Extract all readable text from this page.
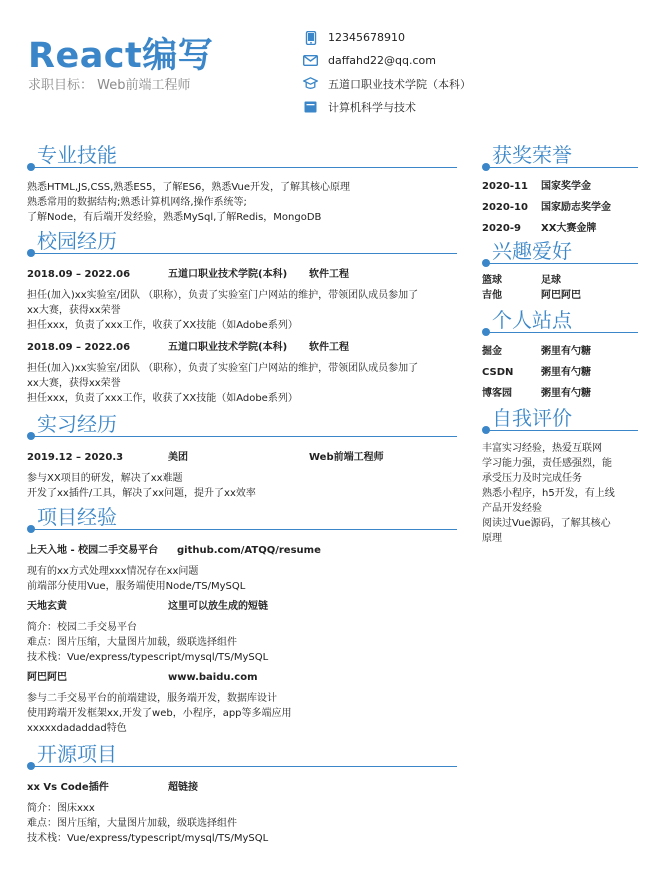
React编写
求职目标： Web前端工程师
12345678910
daffahd22@qq.com
五道口职业技术学院（本科）
计算机科学与技术
专业技能

熟悉HTML,JS,CSS,熟悉ES5，了解ES6，熟悉Vue开发，了解其核心原理

熟悉常用的数据结构;熟悉计算机网络,操作系统等;

了解Node，有后端开发经验，熟悉MySql,了解Redis，MongoDB

校园经历
2018.09 – 2022.06	五道口职业技术学院(本科)	软件工程

担任(加入)xx实验室/团队 （职称），负责了实验室门户网站的维护，带领团队成员参加了

xx大赛，获得xx荣誉

担任xxx，负责了xxx工作，收获了XX技能（如Adobe系列）

2018.09 – 2022.06	五道口职业技术学院(本科)	软件工程

担任(加入)xx实验室/团队 （职称），负责了实验室门户网站的维护，带领团队成员参加了

xx大赛，获得xx荣誉

担任xxx，负责了xxx工作，收获了XX技能（如Adobe系列）

实习经历
2019.12 – 2020.3	美团	Web前端工程师

参与XX项目的研发，解决了xx难题

开发了xx插件/工具，解决了xx问题，提升了xx效率

项目经验
上天入地 - 校园二手交易平台	github.com/ATQQ/resume

现有的xx方式处理xxx情况存在xx问题

前端部分使用Vue，服务端使用Node/TS/MySQL

天地玄黄	这里可以放生成的短链

简介：校园二手交易平台

难点：图片压缩，大量图片加载，级联选择组件

技术栈：Vue/express/typescript/mysql/TS/MySQL

阿巴阿巴	www.baidu.com

参与二手交易平台的前端建设，服务端开发，数据库设计

使用跨端开发框架xx,开发了web，小程序，app等多端应用

xxxxxdadaddad特色

开源项目
xx Vs Code插件	超链接

简介：图床xxx

难点：图片压缩，大量图片加载，级联选择组件

技术栈：Vue/express/typescript/mysql/TS/MySQL

获奖荣誉
2020-11	国家奖学金
2020-10	国家励志奖学金
2020-9	XX大赛金牌
兴趣爱好
篮球	足球
吉他	阿巴阿巴
个人站点
掘金	粥里有勺糖
CSDN	粥里有勺糖
博客园	粥里有勺糖
自我评价

丰富实习经验，热爱互联网

学习能力强，责任感强烈，能

承受压力及时完成任务

熟悉小程序，h5开发，有上线

产品开发经验

阅读过Vue源码，了解其核心

原理
